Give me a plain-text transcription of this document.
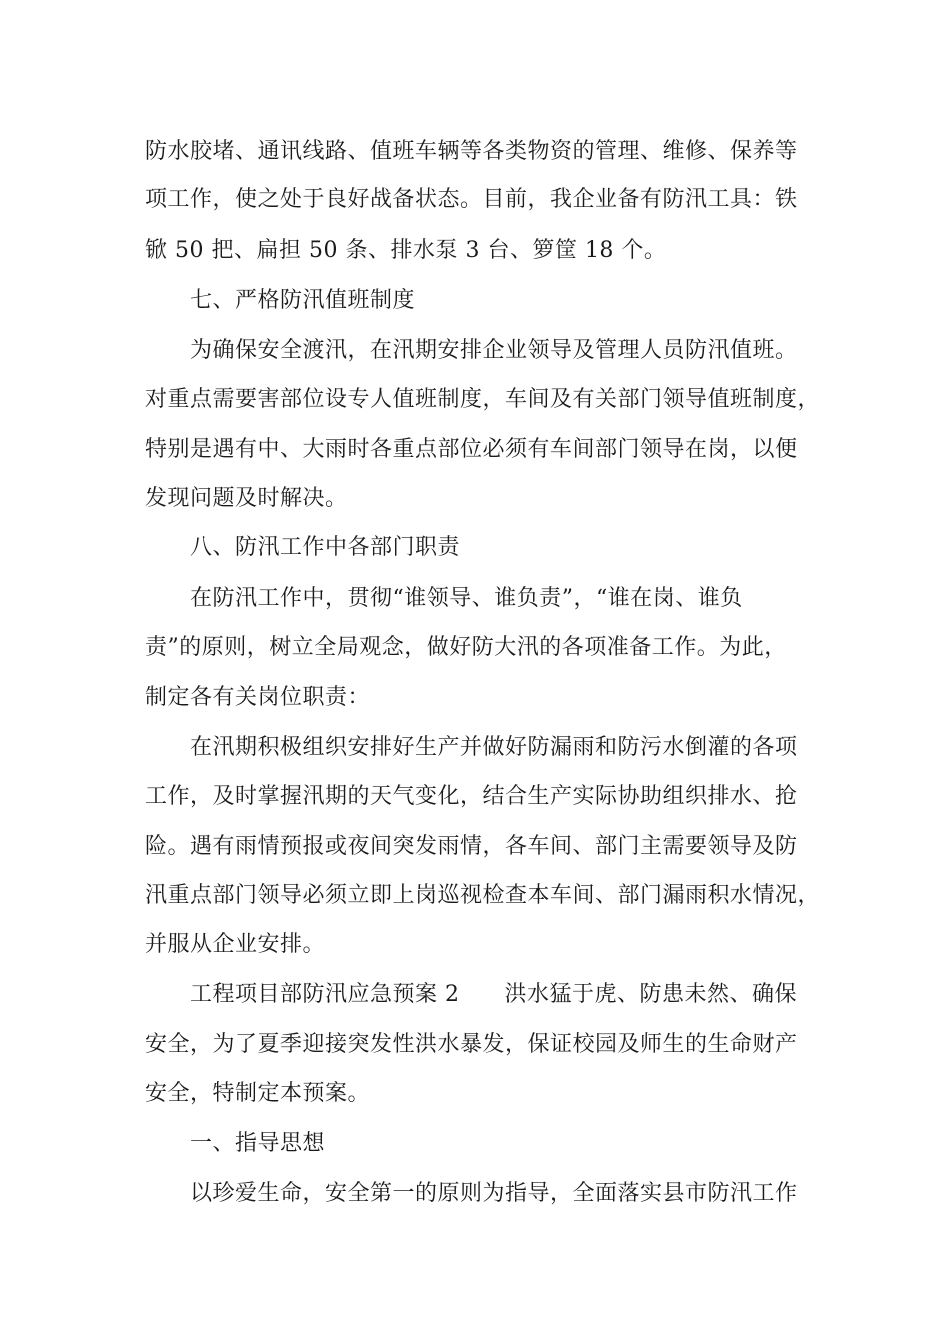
防水胶堵、通讯线路、值班车辆等各类物资的管理、维修、保养等
项工作，使之处于良好战备状态。目前，我企业备有防汛工具：铁
锨 50 把、扁担 50 条、排水泵 3 台、箩筐 18 个。
七、严格防汛值班制度
为确保安全渡汛，在汛期安排企业领导及管理人员防汛值班。
对重点需要害部位设专人值班制度，车间及有关部门领导值班制度，
特别是遇有中、大雨时各重点部位必须有车间部门领导在岗，以便
发现问题及时解决。
八、防汛工作中各部门职责
在防汛工作中，贯彻“谁领导、谁负责”，“谁在岗、谁负
责”的原则，树立全局观念，做好防大汛的各项准备工作。为此，
制定各有关岗位职责：
在汛期积极组织安排好生产并做好防漏雨和防污水倒灌的各项
工作，及时掌握汛期的天气变化，结合生产实际协助组织排水、抢
险。遇有雨情预报或夜间突发雨情，各车间、部门主需要领导及防
汛重点部门领导必须立即上岗巡视检查本车间、部门漏雨积水情况，
并服从企业安排。
工程项目部防汛应急预案 2　　洪水猛于虎、防患未然、确保
安全，为了夏季迎接突发性洪水暴发，保证校园及师生的生命财产
安全，特制定本预案。
一、指导思想
以珍爱生命，安全第一的原则为指导，全面落实县市防汛工作
